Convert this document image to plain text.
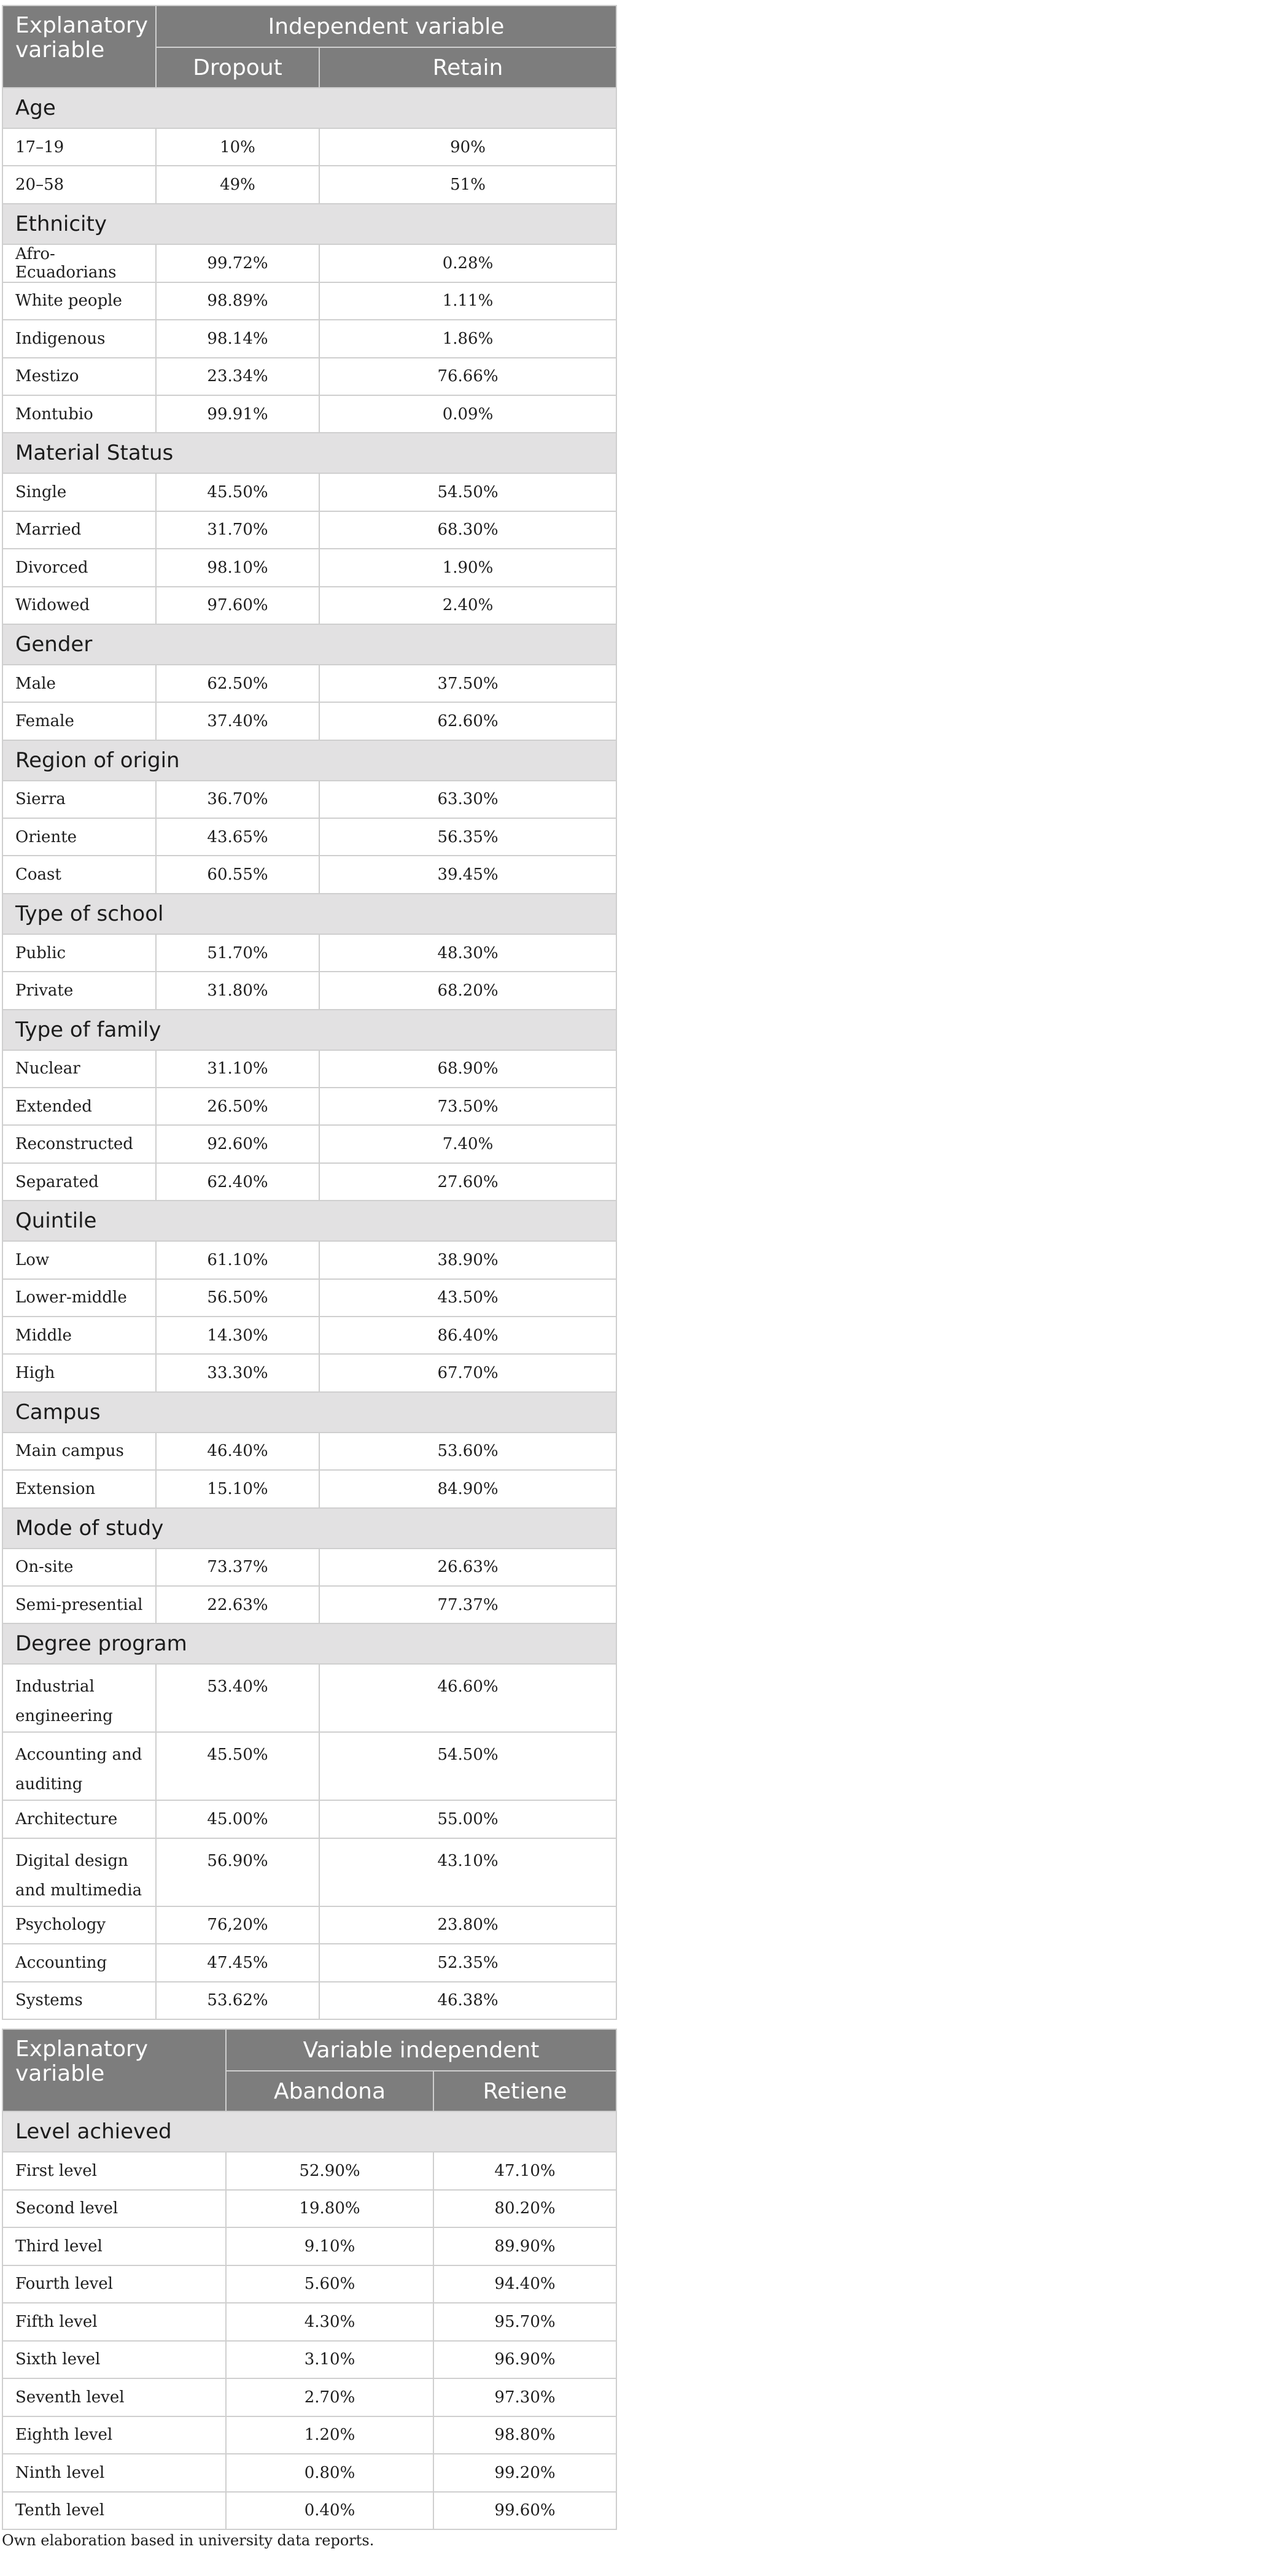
Explanatory variable	Independent variable	
	Dropout	Retain
Age		
17–19	10%	90%
20–58	49%	51%
Ethnicity		
Afro-Ecuadorians	99.72%	0.28%
White people	98.89%	1.11%
Indigenous	98.14%	1.86%
Mestizo	23.34%	76.66%
Montubio	99.91%	0.09%
Material Status		
Single	45.50%	54.50%
Married	31.70%	68.30%
Divorced	98.10%	1.90%
Widowed	97.60%	2.40%
Gender		
Male	62.50%	37.50%
Female	37.40%	62.60%
Region of origin		
Sierra	36.70%	63.30%
Oriente	43.65%	56.35%
Coast	60.55%	39.45%
Type of school		
Public	51.70%	48.30%
Private	31.80%	68.20%
Type of family		
Nuclear	31.10%	68.90%
Extended	26.50%	73.50%
Reconstructed	92.60%	7.40%
Separated	62.40%	27.60%
Quintile		
Low	61.10%	38.90%
Lower-middle	56.50%	43.50%
Middle	14.30%	86.40%
High	33.30%	67.70%
Campus		
Main campus	46.40%	53.60%
Extension	15.10%	84.90%
Mode of study		
On-site	73.37%	26.63%
Semi-presential	22.63%	77.37%
Degree program		
Industrial engineering	53.40%	46.60%
Accounting and auditing	45.50%	54.50%
Architecture	45.00%	55.00%
Digital design and multimedia	56.90%	43.10%
Psychology	76,20%	23.80%
Accounting	47.45%	52.35%
Systems	53.62%	46.38%
Explanatory variable	Variable independent	
	Abandona	Retiene
Level achieved		
First level	52.90%	47.10%
Second level	19.80%	80.20%
Third level	9.10%	89.90%
Fourth level	5.60%	94.40%
Fifth level	4.30%	95.70%
Sixth level	3.10%	96.90%
Seventh level	2.70%	97.30%
Eighth level	1.20%	98.80%
Ninth level	0.80%	99.20%
Tenth level	0.40%	99.60%

Own elaboration based in university data reports.
